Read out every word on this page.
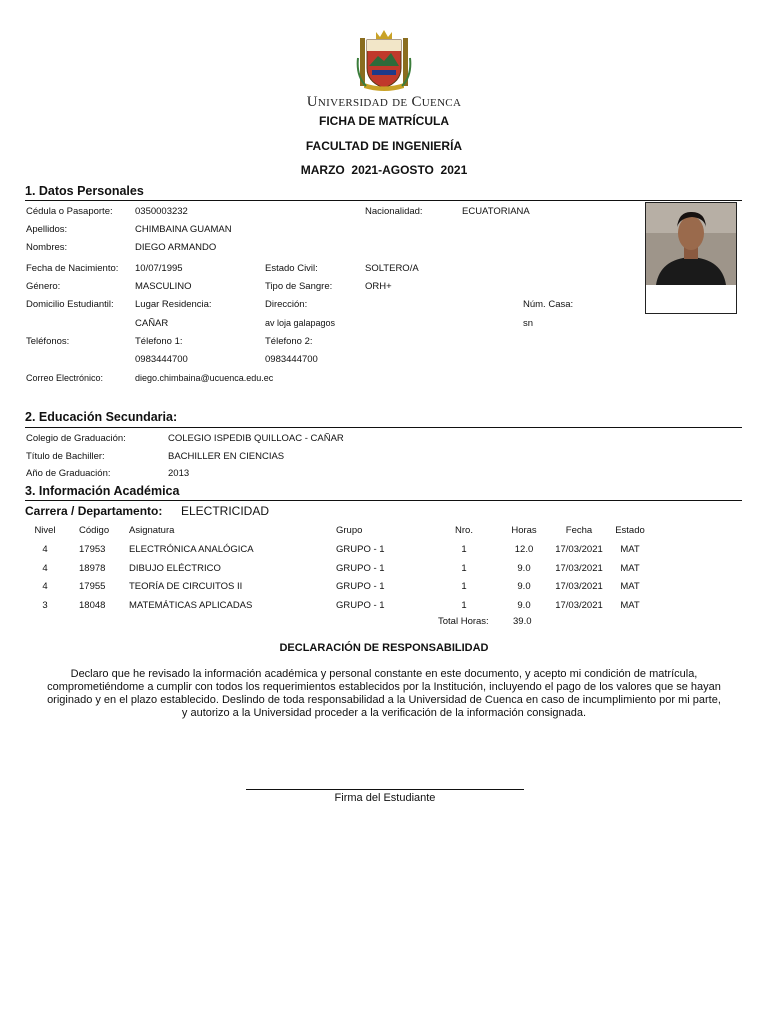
Universidad de Cuenca
FICHA DE MATRÍCULA
FACULTAD DE INGENIERÍA
MARZO  2021-AGOSTO  2021
1. Datos Personales
Cédula o Pasaporte: 0350003232	Nacionalidad:	ECUATORIANA
Apellidos:	CHIMBAINA GUAMAN
Nombres:	DIEGO ARMANDO
Fecha de Nacimiento: 10/07/1995	Estado Civil:	SOLTERO/A
Género:	MASCULINO	Tipo de Sangre:	ORH+
Domicilio Estudiantil: Lugar Residencia:	Dirección:	Núm. Casa:
CAÑAR	av loja galapagos	sn
Teléfonos:	Télefono 1:	Télefono 2:
0983444700	0983444700
Correo Electrónico:	diego.chimbaina@ucuenca.edu.ec
2. Educación Secundaria:
Colegio de Graduación:	COLEGIO ISPEDIB QUILLOAC - CAÑAR
Título de Bachiller:	BACHILLER EN CIENCIAS
Año de Graduación:	2013
3. Información Académica
Carrera / Departamento: ELECTRICIDAD
Nivel Código	Asignatura	Grupo	Nro.	Horas	Fecha	Estado
4	17953	ELECTRÓNICA ANALÓGICA	GRUPO - 1	1	12.0	17/03/2021	MAT
4	18978	DIBUJO ELÉCTRICO	GRUPO - 1	1	9.0	17/03/2021	MAT
4	17955	TEORÍA DE CIRCUITOS II	GRUPO - 1	1	9.0	17/03/2021	MAT
3	18048	MATEMÁTICAS APLICADAS	GRUPO - 1	1	9.0	17/03/2021	MAT
Total Horas:	39.0
DECLARACIÓN DE RESPONSABILIDAD
Declaro que he revisado la información académica y personal constante en este documento, y acepto mi condición de matrícula,
comprometiéndome a cumplir con todos los requerimientos establecidos por la Institución, incluyendo el pago de los valores que se hayan
originado y en el plazo establecido. Deslindo de toda responsabilidad a la Universidad de Cuenca en caso de incumplimiento por mi parte,
y autorizo a la Universidad proceder a la verificación de la información consignada.
Firma del Estudiante
